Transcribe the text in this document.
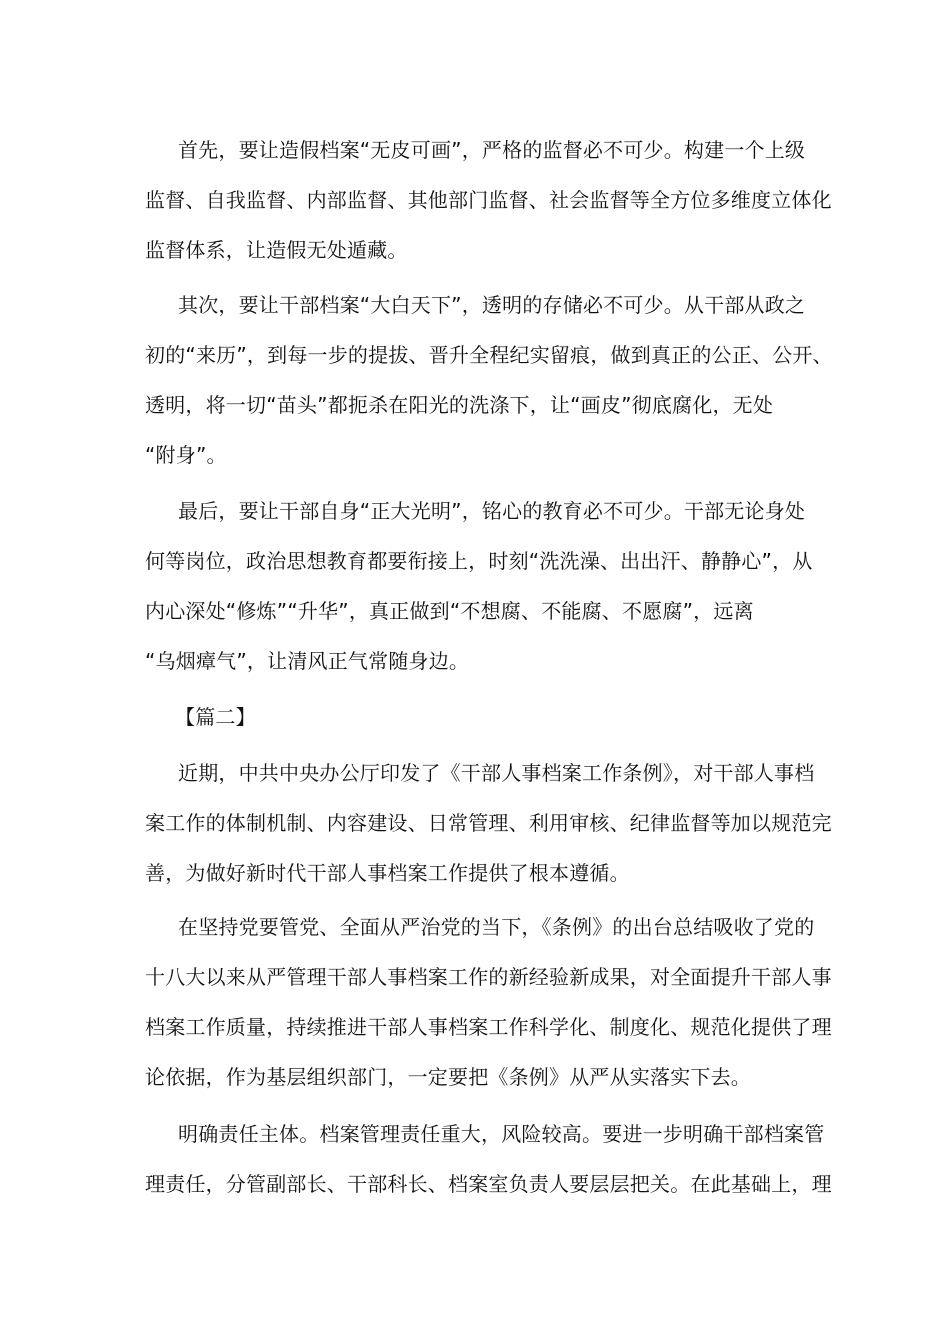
首先，要让造假档案“无皮可画”，严格的监督必不可少。构建一个上级
监督、自我监督、内部监督、其他部门监督、社会监督等全方位多维度立体化
监督体系，让造假无处遁藏。
其次，要让干部档案“大白天下”，透明的存储必不可少。从干部从政之
初的“来历”，到每一步的提拔、晋升全程纪实留痕，做到真正的公正、公开、
透明，将一切“苗头”都扼杀在阳光的洗涤下，让“画皮”彻底腐化，无处
“附身”。
最后，要让干部自身“正大光明”，铭心的教育必不可少。干部无论身处
何等岗位，政治思想教育都要衔接上，时刻“洗洗澡、出出汗、静静心”，从
内心深处“修炼”“升华”，真正做到“不想腐、不能腐、不愿腐”，远离
“乌烟瘴气”，让清风正气常随身边。
【篇二】
近期，中共中央办公厅印发了《干部人事档案工作条例》，对干部人事档
案工作的体制机制、内容建设、日常管理、利用审核、纪律监督等加以规范完
善，为做好新时代干部人事档案工作提供了根本遵循。
在坚持党要管党、全面从严治党的当下，《条例》的出台总结吸收了党的
十八大以来从严管理干部人事档案工作的新经验新成果，对全面提升干部人事
档案工作质量，持续推进干部人事档案工作科学化、制度化、规范化提供了理
论依据，作为基层组织部门，一定要把《条例》从严从实落实下去。
明确责任主体。档案管理责任重大，风险较高。要进一步明确干部档案管
理责任，分管副部长、干部科长、档案室负责人要层层把关。在此基础上，理
